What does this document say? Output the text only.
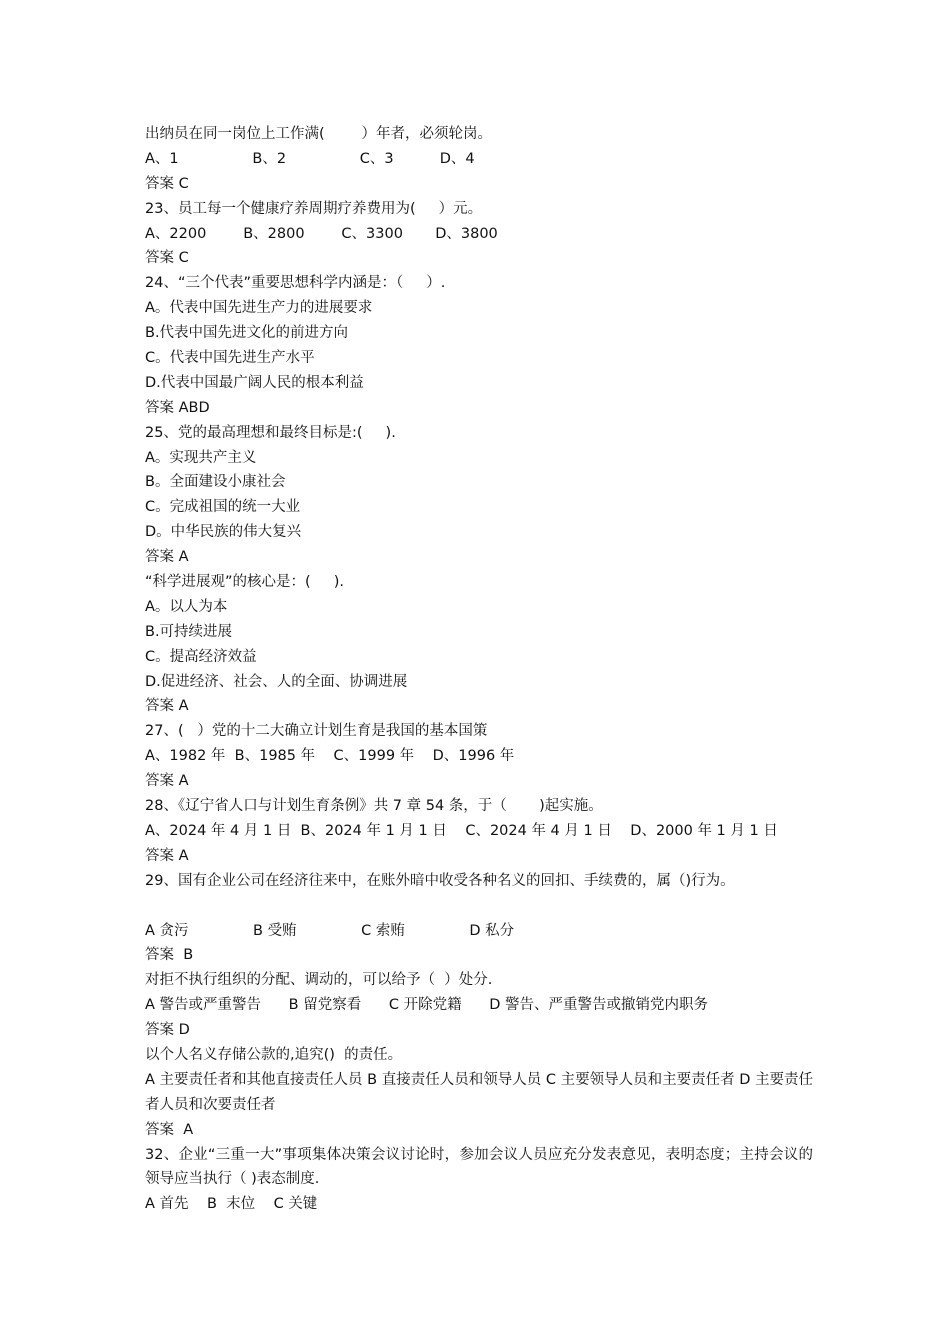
出纳员在同一岗位上工作满(        ）年者，必须轮岗。
A、1                B、2                C、3          D、4
答案 C
23、员工每一个健康疗养周期疗养费用为(     ）元。
A、2200        B、2800        C、3300       D、3800
答案 C
24、“三个代表”重要思想科学内涵是：（     ）.
A。代表中国先进生产力的进展要求
B.代表中国先进文化的前进方向
C。代表中国先进生产水平
D.代表中国最广阔人民的根本利益
答案 ABD
25、党的最高理想和最终目标是:(     ).
A。实现共产主义
B。全面建设小康社会
C。完成祖国的统一大业
D。中华民族的伟大复兴
答案 A
“科学进展观”的核心是：(     ).
A。以人为本
B.可持续进展
C。提高经济效益
D.促进经济、社会、人的全面、协调进展
答案 A
27、(   ）党的十二大确立计划生育是我国的基本国策
A、1982 年  B、1985 年    C、1999 年    D、1996 年
答案 A
28、《辽宁省人口与计划生育条例》共 7 章 54 条，于（       )起实施。
A、2024 年 4 月 1 日  B、2024 年 1 月 1 日    C、2024 年 4 月 1 日    D、2000 年 1 月 1 日
答案 A
29、国有企业公司在经济往来中，在账外暗中收受各种名义的回扣、手续费的，属（)行为。
A 贪污              B 受贿              C 索贿              D 私分
答案  B
对拒不执行组织的分配、调动的，可以给予（  ）处分.
A 警告或严重警告      B 留党察看      C 开除党籍      D 警告、严重警告或撤销党内职务
答案 D
以个人名义存储公款的,追究()  的责任。
A 主要责任者和其他直接责任人员 B 直接责任人员和领导人员 C 主要领导人员和主要责任者 D 主要责任者人员和次要责任者
答案  A
32、企业“三重一大”事项集体决策会议讨论时，参加会议人员应充分发表意见，表明态度；主持会议的领导应当执行（ )表态制度.
A 首先    B  末位    C 关键
